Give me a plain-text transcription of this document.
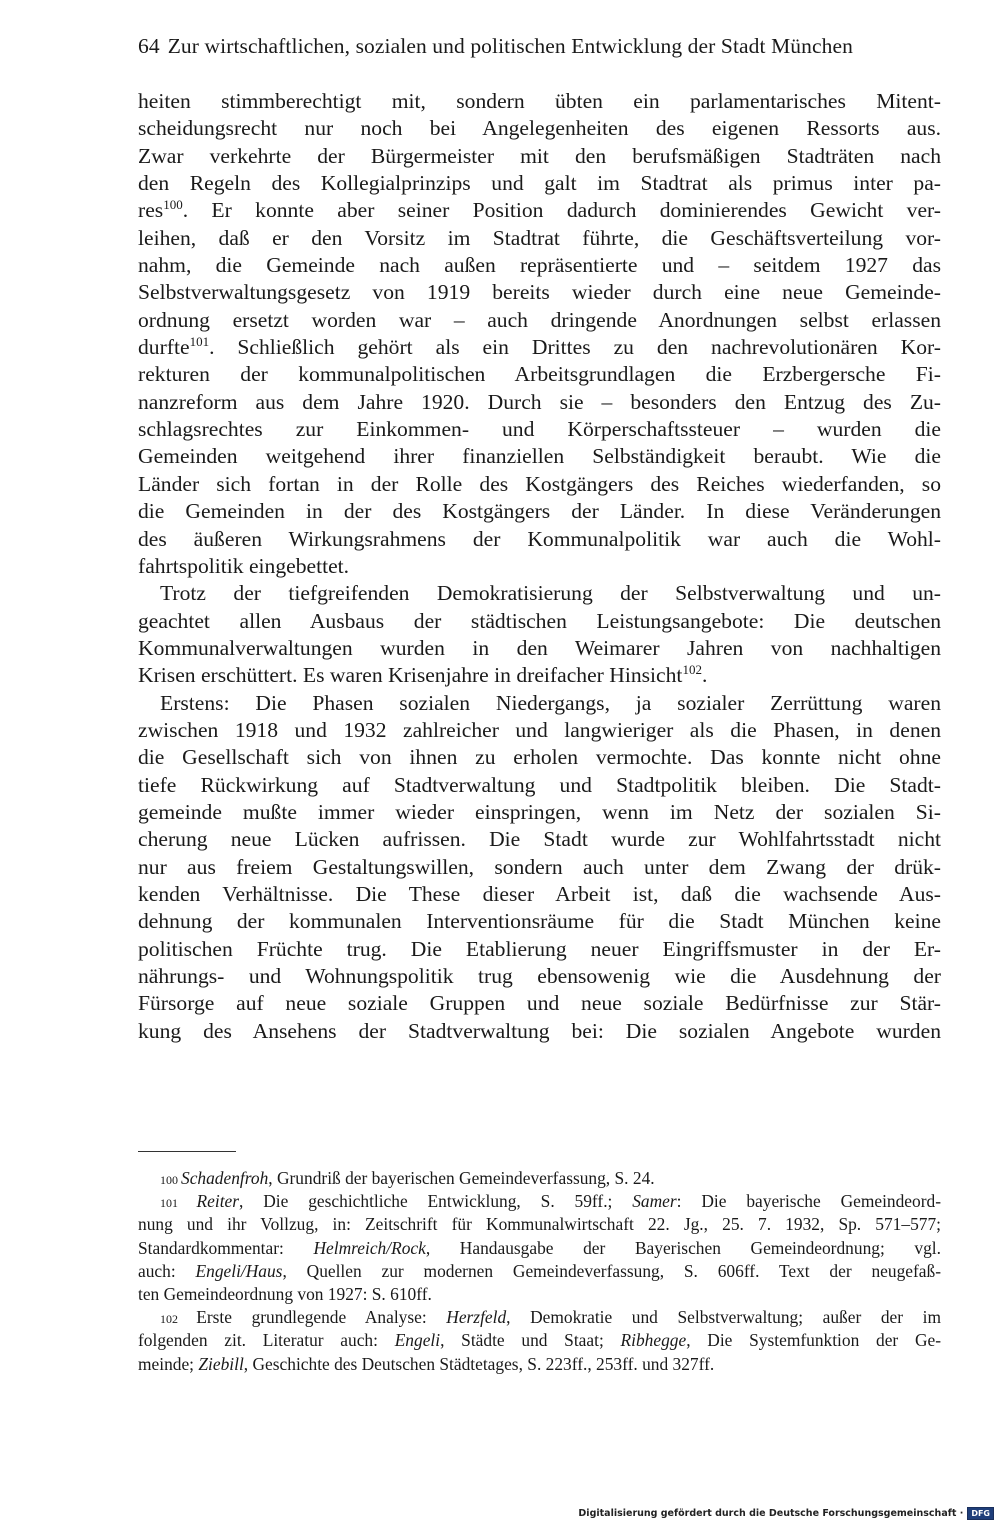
64 Zur wirtschaftlichen, sozialen und politischen Entwicklung der Stadt München
heiten stimmberechtigt mit, sondern übten ein parlamentarisches Mitent-
scheidungsrecht nur noch bei Angelegenheiten des eigenen Ressorts aus.
Zwar verkehrte der Bürgermeister mit den berufsmäßigen Stadträten nach
den Regeln des Kollegialprinzips und galt im Stadtrat als primus inter pa-
res$^{100}$. Er konnte aber seiner Position dadurch dominierendes Gewicht ver-
leihen, daß er den Vorsitz im Stadtrat führte, die Geschäftsverteilung vor-
nahm, die Gemeinde nach außen repräsentierte und – seitdem 1927 das
Selbstverwaltungsgesetz von 1919 bereits wieder durch eine neue Gemeinde-
ordnung ersetzt worden war – auch dringende Anordnungen selbst erlassen
durfte$^{101}$. Schließlich gehört als ein Drittes zu den nachrevolutionären Kor-
rekturen der kommunalpolitischen Arbeitsgrundlagen die Erzbergersche Fi-
nanzreform aus dem Jahre 1920. Durch sie – besonders den Entzug des Zu-
schlagsrechtes zur Einkommen- und Körperschaftssteuer – wurden die
Gemeinden weitgehend ihrer finanziellen Selbständigkeit beraubt. Wie die
Länder sich fortan in der Rolle des Kostgängers des Reiches wiederfanden, so
die Gemeinden in der des Kostgängers der Länder. In diese Veränderungen
des äußeren Wirkungsrahmens der Kommunalpolitik war auch die Wohl-
fahrtspolitik eingebettet.
Trotz der tiefgreifenden Demokratisierung der Selbstverwaltung und un-
geachtet allen Ausbaus der städtischen Leistungsangebote: Die deutschen
Kommunalverwaltungen wurden in den Weimarer Jahren von nachhaltigen
Krisen erschüttert. Es waren Krisenjahre in dreifacher Hinsicht$^{102}$.
Erstens: Die Phasen sozialen Niedergangs, ja sozialer Zerrüttung waren
zwischen 1918 und 1932 zahlreicher und langwieriger als die Phasen, in denen
die Gesellschaft sich von ihnen zu erholen vermochte. Das konnte nicht ohne
tiefe Rückwirkung auf Stadtverwaltung und Stadtpolitik bleiben. Die Stadt-
gemeinde mußte immer wieder einspringen, wenn im Netz der sozialen Si-
cherung neue Lücken aufrissen. Die Stadt wurde zur Wohlfahrtsstadt nicht
nur aus freiem Gestaltungswillen, sondern auch unter dem Zwang der drük-
kenden Verhältnisse. Die These dieser Arbeit ist, daß die wachsende Aus-
dehnung der kommunalen Interventionsräume für die Stadt München keine
politischen Früchte trug. Die Etablierung neuer Eingriffsmuster in der Er-
nährungs- und Wohnungspolitik trug ebensowenig wie die Ausdehnung der
Fürsorge auf neue soziale Gruppen und neue soziale Bedürfnisse zur Stär-
kung des Ansehens der Stadtverwaltung bei: Die sozialen Angebote wurden
100 Schadenfroh, Grundriß der bayerischen Gemeindeverfassung, S. 24.
101 Reiter, Die geschichtliche Entwicklung, S. 59ff.; Samer: Die bayerische Gemeindeord-
nung und ihr Vollzug, in: Zeitschrift für Kommunalwirtschaft 22. Jg., 25. 7. 1932, Sp. 571–577;
Standardkommentar: Helmreich/Rock, Handausgabe der Bayerischen Gemeindeordnung; vgl.
auch: Engeli/Haus, Quellen zur modernen Gemeindeverfassung, S. 606ff. Text der neugefaß-
ten Gemeindeordnung von 1927: S. 610ff.
102 Erste grundlegende Analyse: Herzfeld, Demokratie und Selbstverwaltung; außer der im
folgenden zit. Literatur auch: Engeli, Städte und Staat; Ribhegge, Die Systemfunktion der Ge-
meinde; Ziebill, Geschichte des Deutschen Städtetages, S. 223ff., 253ff. und 327ff.
Digitalisierung gefördert durch die Deutsche Forschungsgemeinschaft ·	DFG
